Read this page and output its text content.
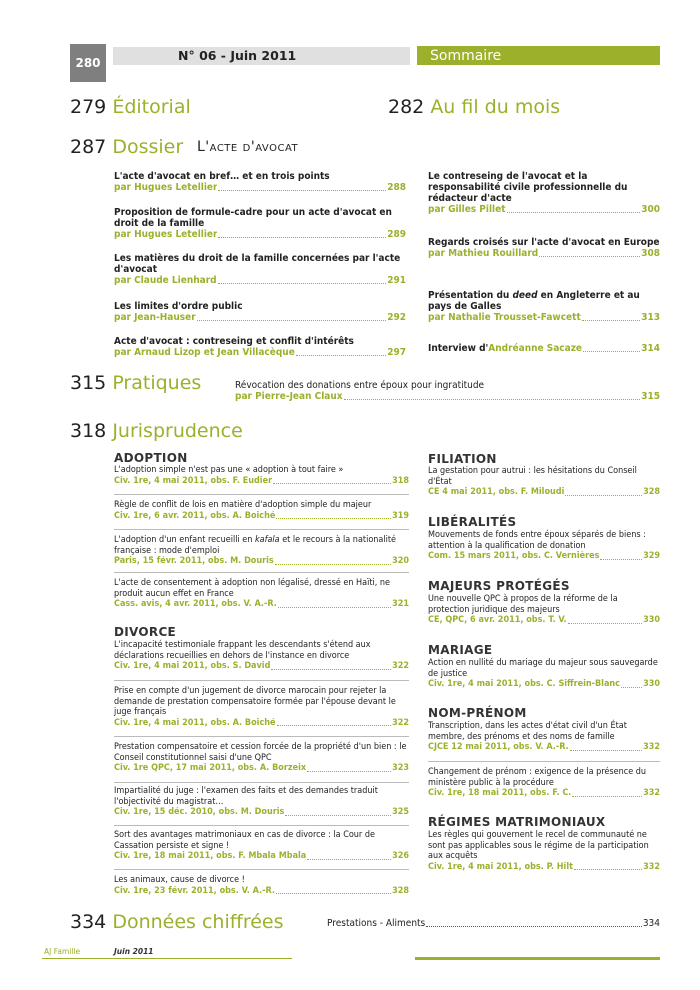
280	N° 06 - Juin 2011	Sommaire
279 Éditorial	282 Au fil du mois
287 Dossier L'acte d'avocat
L'acte d'avocat en bref… et en trois points
par Hugues Letellier	288
Proposition de formule-cadre pour un acte d'avocat en droit de la famille
par Hugues Letellier	289
Les matières du droit de la famille concernées par l'acte d'avocat
par Claude Lienhard	291
Les limites d'ordre public
par Jean-Hauser	292
Acte d'avocat : contreseing et conflit d'intérêts
par Arnaud Lizop et Jean Villacèque	297
Le contreseing de l'avocat et la responsabilité civile professionnelle du rédacteur d'acte
par Gilles Pillet	300
Regards croisés sur l'acte d'avocat en Europe
par Mathieu Rouillard	308
Présentation du deed en Angleterre et au pays de Galles
par Nathalie Trousset-Fawcett	313
Interview d' Andréanne Sacaze	314
315 Pratiques	Révocation des donations entre époux pour ingratitude
par Pierre-Jean Claux	315
318 Jurisprudence
ADOPTION
L'adoption simple n'est pas une « adoption à tout faire »
Civ. 1re, 4 mai 2011, obs. F. Eudier	318
Règle de conflit de lois en matière d'adoption simple du majeur
Civ. 1re, 6 avr. 2011, obs. A. Boiché	319
L'adoption d'un enfant recueilli en kafala et le recours à la nationalité française : mode d'emploi
Paris, 15 févr. 2011, obs. M. Douris	320
L'acte de consentement à adoption non légalisé, dressé en Haïti, ne produit aucun effet en France
Cass. avis, 4 avr. 2011, obs. V. A.-R.	321
DIVORCE
L'incapacité testimoniale frappant les descendants s'étend aux déclarations recueillies en dehors de l'instance en divorce
Civ. 1re, 4 mai 2011, obs. S. David	322
Prise en compte d'un jugement de divorce marocain pour rejeter la demande de prestation compensatoire formée par l'épouse devant le juge français
Civ. 1re, 4 mai 2011, obs. A. Boiché	322
Prestation compensatoire et cession forcée de la propriété d'un bien : le Conseil constitutionnel saisi d'une QPC
Civ. 1re QPC, 17 mai 2011, obs. A. Borzeix	323
Impartialité du juge : l'examen des faits et des demandes traduit l'objectivité du magistrat…
Civ. 1re, 15 déc. 2010, obs. M. Douris	325
Sort des avantages matrimoniaux en cas de divorce : la Cour de Cassation persiste et signe !
Civ. 1re, 18 mai 2011, obs. F. Mbala Mbala	326
Les animaux, cause de divorce !
Civ. 1re, 23 févr. 2011, obs. V. A.-R.	328
FILIATION
La gestation pour autrui : les hésitations du Conseil d'État
CE 4 mai 2011, obs. F. Miloudi	328
LIBÉRALITÉS
Mouvements de fonds entre époux séparés de biens : attention à la qualification de donation
Com. 15 mars 2011, obs. C. Vernières	329
MAJEURS PROTÉGÉS
Une nouvelle QPC à propos de la réforme de la protection juridique des majeurs
CE, QPC, 6 avr. 2011, obs. T. V.	330
MARIAGE
Action en nullité du mariage du majeur sous sauvegarde de justice
Civ. 1re, 4 mai 2011, obs. C. Siffrein-Blanc	330
NOM-PRÉNOM
Transcription, dans les actes d'état civil d'un État membre, des prénoms et des noms de famille
CJCE 12 mai 2011, obs. V. A.-R.	332
Changement de prénom : exigence de la présence du ministère public à la procédure
Civ. 1re, 18 mai 2011, obs. F. C.	332
RÉGIMES MATRIMONIAUX
Les règles qui gouvernent le recel de communauté ne sont pas applicables sous le régime de la participation aux acquêts
Civ. 1re, 4 mai 2011, obs. P. Hilt	332
334 Données chiffrées	Prestations - Aliments	334
AJ Famille	Juin 2011
